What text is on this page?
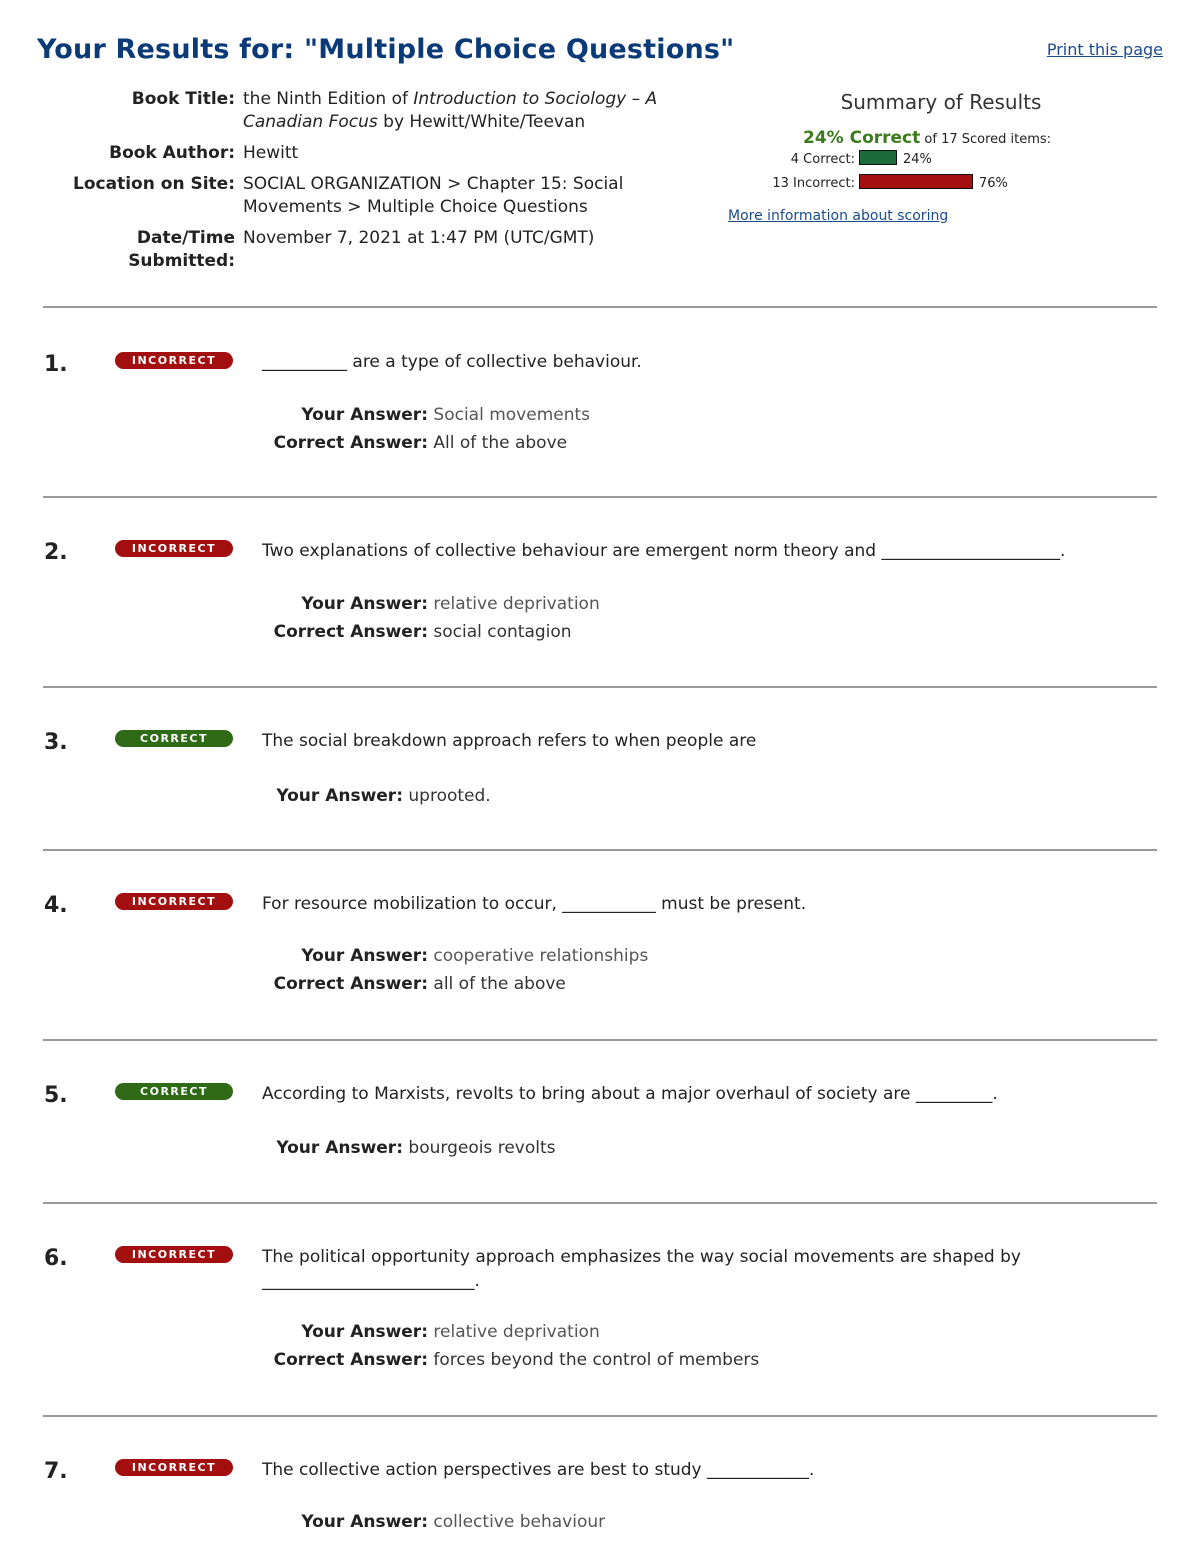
Your Results for: "Multiple Choice Questions"	Print this page
Book Title:	the Ninth Edition of Introduction to Sociology – A Canadian Focus by Hewitt/White/Teevan
Book Author:	Hewitt
Location on Site:	SOCIAL ORGANIZATION > Chapter 15: Social Movements > Multiple Choice Questions
Date/Time Submitted:	November 7, 2021 at 1:47 PM (UTC/GMT)
Summary of Results
24% Correct of 17 Scored items:
4 Correct:	24%
13 Incorrect:	76%
More information about scoring
1.	INCORRECT	__________ are a type of collective behaviour.
Your Answer: Social movements
Correct Answer: All of the above
2.	INCORRECT	Two explanations of collective behaviour are emergent norm theory and _____________________.
Your Answer: relative deprivation
Correct Answer: social contagion
3.	CORRECT	The social breakdown approach refers to when people are
Your Answer: uprooted.
4.	INCORRECT	For resource mobilization to occur, ___________ must be present.
Your Answer: cooperative relationships
Correct Answer: all of the above
5.	CORRECT	According to Marxists, revolts to bring about a major overhaul of society are _________.
Your Answer: bourgeois revolts
6.	INCORRECT	The political opportunity approach emphasizes the way social movements are shaped by _________________________.
Your Answer: relative deprivation
Correct Answer: forces beyond the control of members
7.	INCORRECT	The collective action perspectives are best to study ____________.
Your Answer: collective behaviour
